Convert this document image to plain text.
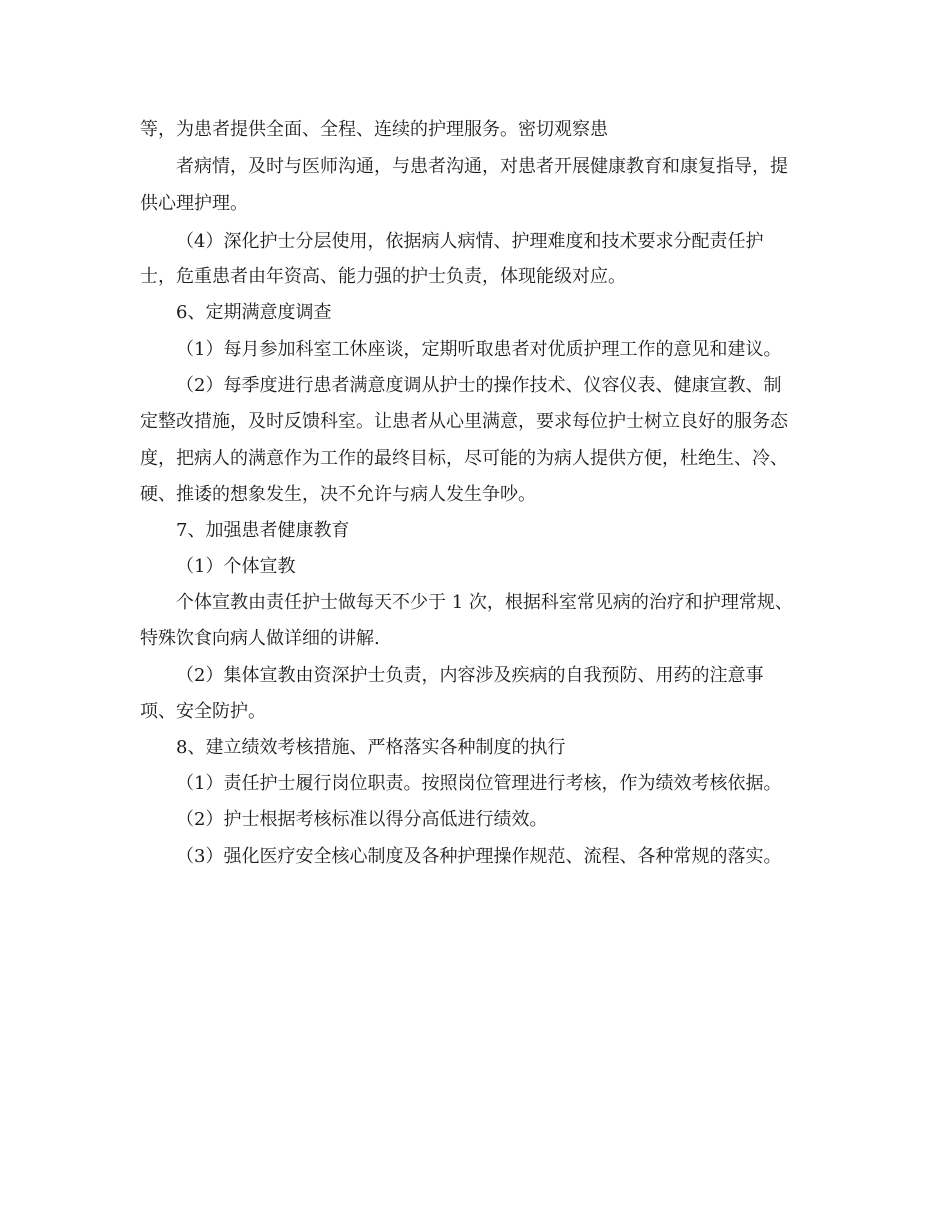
等，为患者提供全面、全程、连续的护理服务。密切观察患
者病情，及时与医师沟通，与患者沟通，对患者开展健康教育和康复指导，提
供心理护理。
（4）深化护士分层使用，依据病人病情、护理难度和技术要求分配责任护
士，危重患者由年资高、能力强的护士负责，体现能级对应。
6、定期满意度调查
（1）每月参加科室工休座谈，定期听取患者对优质护理工作的意见和建议。
（2）每季度进行患者满意度调从护士的操作技术、仪容仪表、健康宣教、制
定整改措施，及时反馈科室。让患者从心里满意，要求每位护士树立良好的服务态
度，把病人的满意作为工作的最终目标，尽可能的为病人提供方便，杜绝生、冷、
硬、推诿的想象发生，决不允许与病人发生争吵。
7、加强患者健康教育
（1）个体宣教
个体宣教由责任护士做每天不少于 1 次，根据科室常见病的治疗和护理常规、
特殊饮食向病人做详细的讲解.
（2）集体宣教由资深护士负责，内容涉及疾病的自我预防、用药的注意事
项、安全防护。
8、建立绩效考核措施、严格落实各种制度的执行
（1）责任护士履行岗位职责。按照岗位管理进行考核，作为绩效考核依据。
（2）护士根据考核标准以得分高低进行绩效。
（3）强化医疗安全核心制度及各种护理操作规范、流程、各种常规的落实。
